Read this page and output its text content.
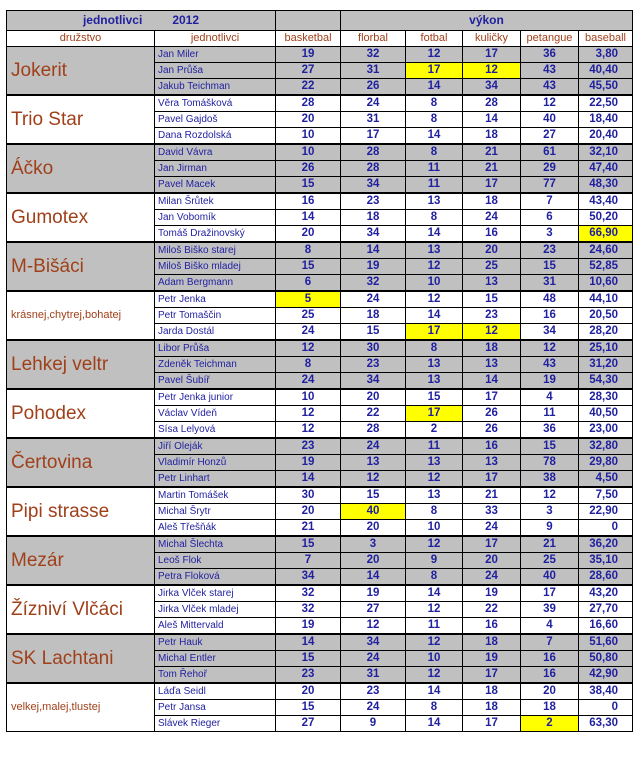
jednotlivci 2012			výkon				
družstvo	jednotlivci	basketbal	florbal	fotbal	kuličky	petangue	baseball
Jokerit	Jan Miler	19	32	12	17	36	3,80
	Jan Průša	27	31	17	12	43	40,40
	Jakub Teichman	22	26	14	34	43	45,50
Trio Star	Věra Tomášková	28	24	8	28	12	22,50
	Pavel Gajdoš	20	31	8	14	40	18,40
	Dana Rozdolská	10	17	14	18	27	20,40
Áčko	David Vávra	10	28	8	21	61	32,10
	Jan Jirman	26	28	11	21	29	47,40
	Pavel Macek	15	34	11	17	77	48,30
Gumotex	Milan Šrůtek	16	23	13	18	7	43,40
	Jan Vobomík	14	18	8	24	6	50,20
	Tomáš Dražinovský	20	34	14	16	3	66,90
M-Bišáci	Miloš Biško starej	8	14	13	20	23	24,60
	Miloš Biško mladej	15	19	12	25	15	52,85
	Adam Bergmann	6	32	10	13	31	10,60
krásnej,chytrej,bohatej	Petr Jenka	5	24	12	15	48	44,10
	Petr Tomaščin	25	18	14	23	16	20,50
	Jarda Dostál	24	15	17	12	34	28,20
Lehkej veltr	Libor Průša	12	30	8	18	12	25,10
	Zdeněk Teichman	8	23	13	13	43	31,20
	Pavel Šubíř	24	34	13	14	19	54,30
Pohodex	Petr Jenka junior	10	20	15	17	4	28,30
	Václav Vídeň	12	22	17	26	11	40,50
	Sísa Lelyová	12	28	2	26	36	23,00
Čertovina	Jiří Oleják	23	24	11	16	15	32,80
	Vladimír Honzů	19	13	13	13	78	29,80
	Petr Linhart	14	12	12	17	38	4,50
Pipi strasse	Martin Tomášek	30	15	13	21	12	7,50
	Michal Šrytr	20	40	8	33	3	22,90
	Aleš Třešňák	21	20	10	24	9	0
Mezár	Michal Šlechta	15	3	12	17	21	36,20
	Leoš Flok	7	20	9	20	25	35,10
	Petra Floková	34	14	8	24	40	28,60
Žízniví Vlčáci	Jirka Vlček starej	32	19	14	19	17	43,20
	Jirka Vlček mladej	32	27	12	22	39	27,70
	Aleš Mittervald	19	12	11	16	4	16,60
SK Lachtani	Petr Hauk	14	34	12	18	7	51,60
	Michal Entler	15	24	10	19	16	50,80
	Tom Řehoř	23	31	12	17	16	42,90
velkej,malej,tlustej	Láďa Seidl	20	23	14	18	20	38,40
	Petr Jansa	15	24	8	18	18	0
	Slávek Rieger	27	9	14	17	2	63,30
